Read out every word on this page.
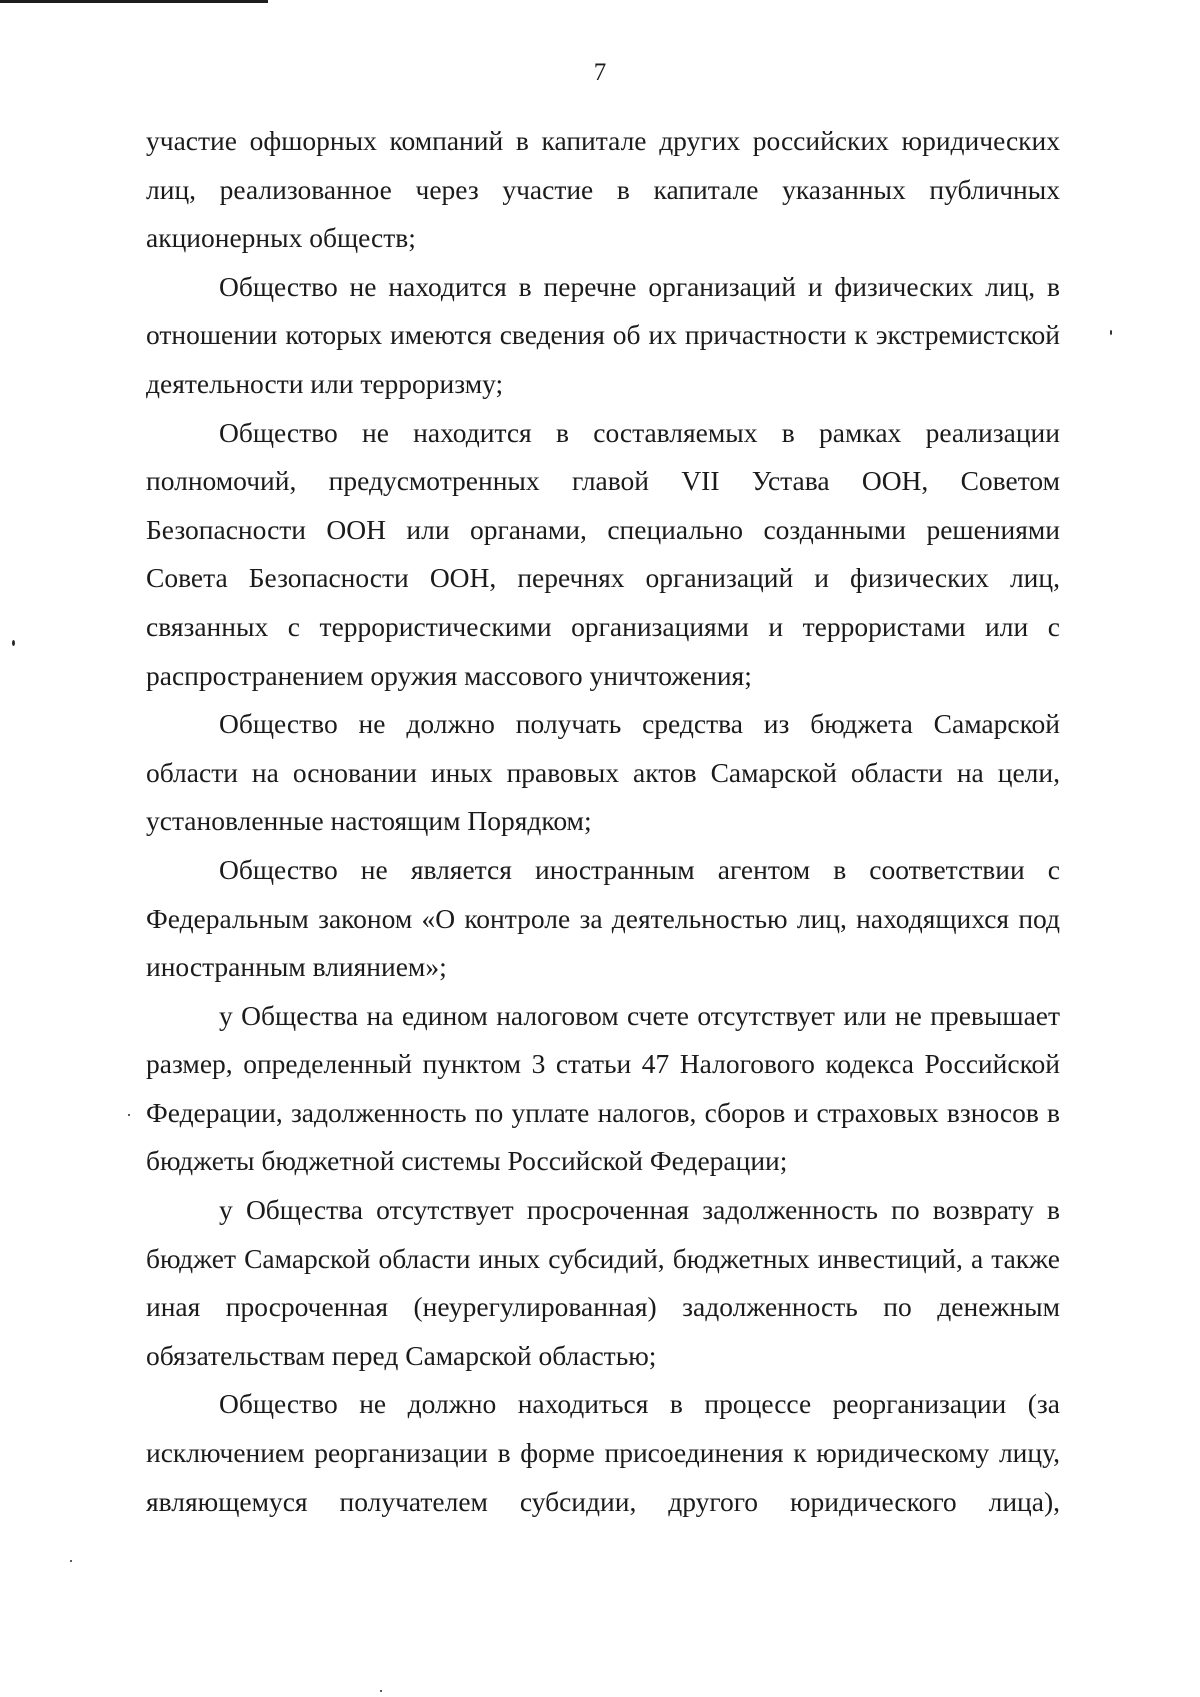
7

участие офшорных компаний в капитале других российских юридических лиц, реализованное через участие в капитале указанных публичных акционерных обществ;

Общество не находится в перечне организаций и физических лиц, в отношении которых имеются сведения об их причастности к экстремистской деятельности или терроризму;

Общество не находится в составляемых в рамках реализации полномочий, предусмотренных главой VII Устава ООН, Советом Безопасности ООН или органами, специально созданными решениями Совета Безопасности ООН, перечнях организаций и физических лиц, связанных с террористическими организациями и террористами или с распространением оружия массового уничтожения;

Общество не должно получать средства из бюджета Самарской области на основании иных правовых актов Самарской области на цели, установленные настоящим Порядком;

Общество не является иностранным агентом в соответствии с Федеральным законом «О контроле за деятельностью лиц, находящихся под иностранным влиянием»;

у Общества на едином налоговом счете отсутствует или не превышает размер, определенный пунктом 3 статьи 47 Налогового кодекса Российской Федерации, задолженность по уплате налогов, сборов и страховых взносов в бюджеты бюджетной системы Российской Федерации;

у Общества отсутствует просроченная задолженность по возврату в бюджет Самарской области иных субсидий, бюджетных инвестиций, а также иная просроченная (неурегулированная) задолженность по денежным обязательствам перед Самарской областью;

Общество не должно находиться в процессе реорганизации (за исключением реорганизации в форме присоединения к юридическому лицу, являющемуся получателем субсидии, другого юридического лица),
